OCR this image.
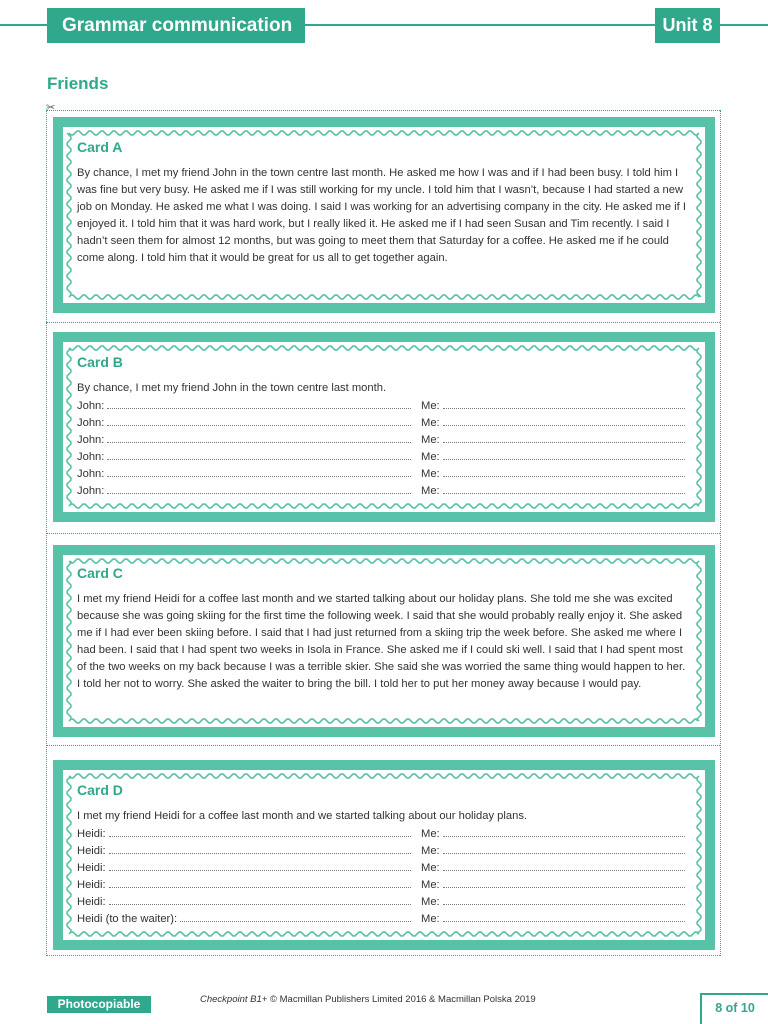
Grammar communication	Unit 8
Friends
✂
Card A
By chance, I met my friend John in the town centre last month. He asked me how I was and if I had been busy. I told him I was fine but very busy. He asked me if I was still working for my uncle. I told him that I wasn’t, because I had started a new job on Monday. He asked me what I was doing. I said I was working for an advertising company in the city. He asked me if I enjoyed it. I told him that it was hard work, but I really liked it. He asked me if I had seen Susan and Tim recently. I said I hadn’t seen them for almost 12 months, but was going to meet them that Saturday for a coffee. He asked me if he could come along. I told him that it would be great for us all to get together again.
Card B
By chance, I met my friend John in the town centre last month.
John:	Me:
John:	Me:
John:	Me:
John:	Me:
John:	Me:
John:	Me:
Card C
I met my friend Heidi for a coffee last month and we started talking about our holiday plans. She told me she was excited because she was going skiing for the first time the following week. I said that she would probably really enjoy it. She asked me if I had ever been skiing before. I said that I had just returned from a skiing trip the week before. She asked me where I had been. I said that I had spent two weeks in Isola in France. She asked me if I could ski well. I said that I had spent most of the two weeks on my back because I was a terrible skier. She said she was worried the same thing would happen to her. I told her not to worry. She asked the waiter to bring the bill. I told her to put her money away because I would pay.
Card D
I met my friend Heidi for a coffee last month and we started talking about our holiday plans.
Heidi:	Me:
Heidi:	Me:
Heidi:	Me:
Heidi:	Me:
Heidi:	Me:
Heidi (to the waiter):	Me:
Photocopiable	Checkpoint B1+ © Macmillan Publishers Limited 2016 & Macmillan Polska 2019
8 of 10
